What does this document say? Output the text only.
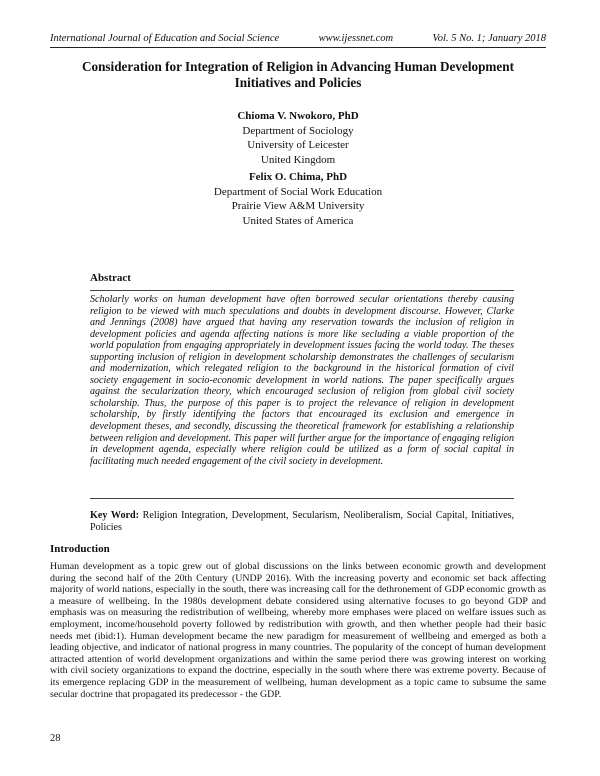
International Journal of Education and Social Science	www.ijessnet.com	Vol. 5 No. 1; January 2018
Consideration for Integration of Religion in Advancing Human Development Initiatives and Policies
Chioma V. Nwokoro, PhD
Department of Sociology
University of Leicester
United Kingdom
Felix O. Chima, PhD
Department of Social Work Education
Prairie View A&M University
United States of America
Abstract
Scholarly works on human development have often borrowed secular orientations thereby causing religion to be viewed with much speculations and doubts in development discourse. However, Clarke and Jennings (2008) have argued that having any reservation towards the inclusion of religion in development policies and agenda affecting nations is more like secluding a viable proportion of the world population from engaging appropriately in development issues facing the world today. The theses supporting inclusion of religion in development scholarship demonstrates the challenges of secularism and modernization, which relegated religion to the background in the historical formation of civil society engagement in socio-economic development in world nations. The paper specifically argues against the secularization theory, which encouraged seclusion of religion from global civil society scholarship. Thus, the purpose of this paper is to project the relevance of religion in development scholarship, by firstly identifying the factors that encouraged its exclusion and emergence in development theses, and secondly, discussing the theoretical framework for establishing a relationship between religion and development. This paper will further argue for the importance of engaging religion in development agenda, especially where religion could be utilized as a form of social capital in facilitating much needed engagement of the civil society in development.
Key Word: Religion Integration, Development, Secularism, Neoliberalism, Social Capital, Initiatives, Policies
Introduction
Human development as a topic grew out of global discussions on the links between economic growth and development during the second half of the 20th Century (UNDP 2016). With the increasing poverty and economic set back affecting majority of world nations, especially in the south, there was increasing call for the dethronement of GDP economic growth as a measure of wellbeing. In the 1980s development debate considered using alternative focuses to go beyond GDP and emphasis was on measuring the redistribution of wellbeing, whereby more emphases were placed on welfare issues such as employment, income/household poverty followed by redistribution with growth, and then whether people had their basic needs met (ibid:1). Human development became the new paradigm for measurement of wellbeing and emerged as both a leading objective, and indicator of national progress in many countries. The popularity of the concept of human development attracted attention of world development organizations and within the same period there was growing interest on working with civil society organizations to expand the doctrine, especially in the south where there was extreme poverty. Because of its emergence replacing GDP in the measurement of wellbeing, human development as a topic came to subsume the same secular doctrine that propagated its predecessor - the GDP.
28
